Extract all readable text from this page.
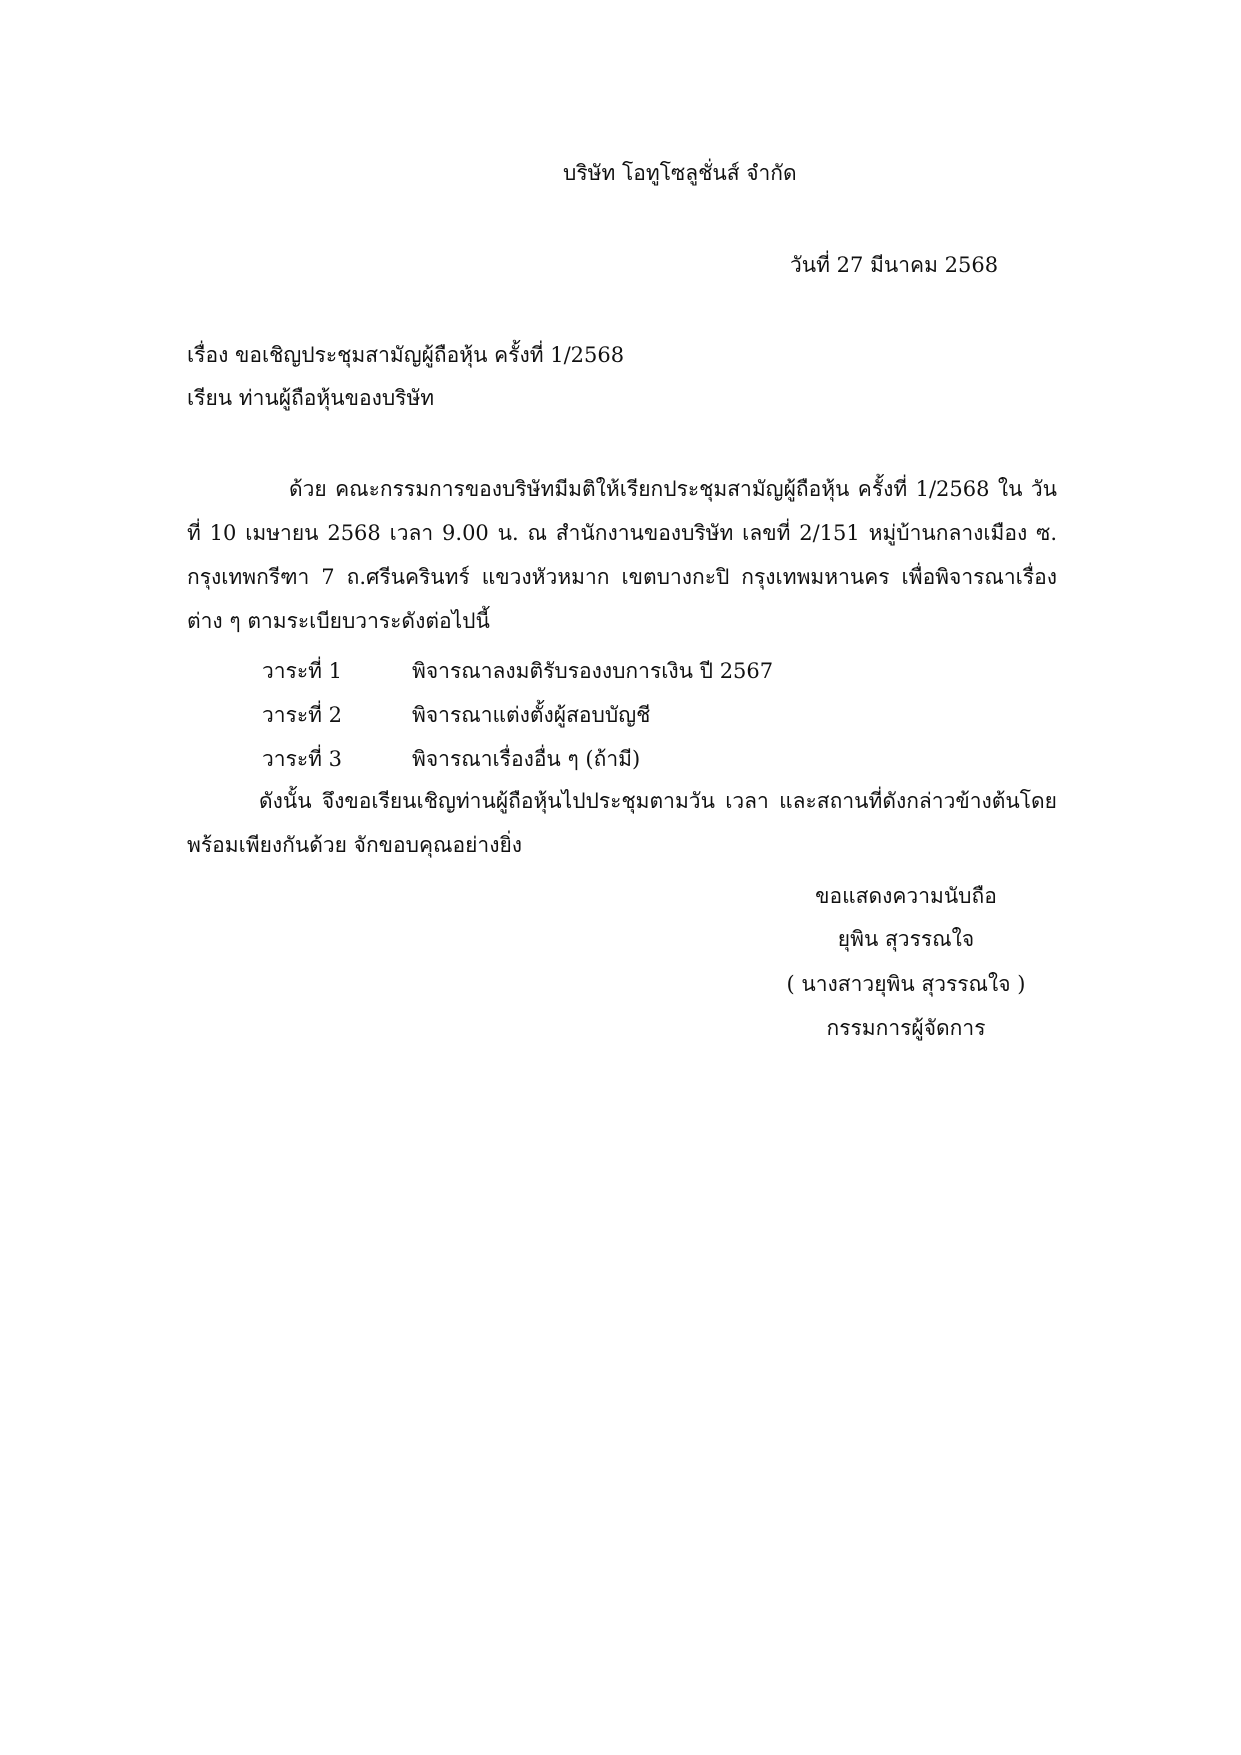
บริษัท โอทูโซลูชั่นส์ จำกัด
วันที่ 27 มีนาคม 2568
เรื่อง ขอเชิญประชุมสามัญผู้ถือหุ้น ครั้งที่ 1/2568
เรียน ท่านผู้ถือหุ้นของบริษัท
ด้วย คณะกรรมการของบริษัทมีมติให้เรียกประชุมสามัญผู้ถือหุ้น ครั้งที่ 1/2568 ใน วันที่ 10 เมษายน 2568 เวลา 9.00 น. ณ สำนักงานของบริษัท เลขที่ 2/151 หมู่บ้านกลางเมือง ซ. กรุงเทพกรีฑา 7 ถ.ศรีนครินทร์ แขวงหัวหมาก เขตบางกะปิ กรุงเทพมหานคร เพื่อพิจารณาเรื่องต่าง ๆ ตามระเบียบวาระดังต่อไปนี้
วาระที่ 1	พิจารณาลงมติรับรองงบการเงิน ปี 2567
วาระที่ 2	พิจารณาแต่งตั้งผู้สอบบัญชี
วาระที่ 3	พิจารณาเรื่องอื่น ๆ (ถ้ามี)
ดังนั้น จึงขอเรียนเชิญท่านผู้ถือหุ้นไปประชุมตามวัน เวลา และสถานที่ดังกล่าวข้างต้นโดย พร้อมเพียงกันด้วย จักขอบคุณอย่างยิ่ง
ขอแสดงความนับถือ
ยุพิน สุวรรณใจ
( นางสาวยุพิน สุวรรณใจ )
กรรมการผู้จัดการ
